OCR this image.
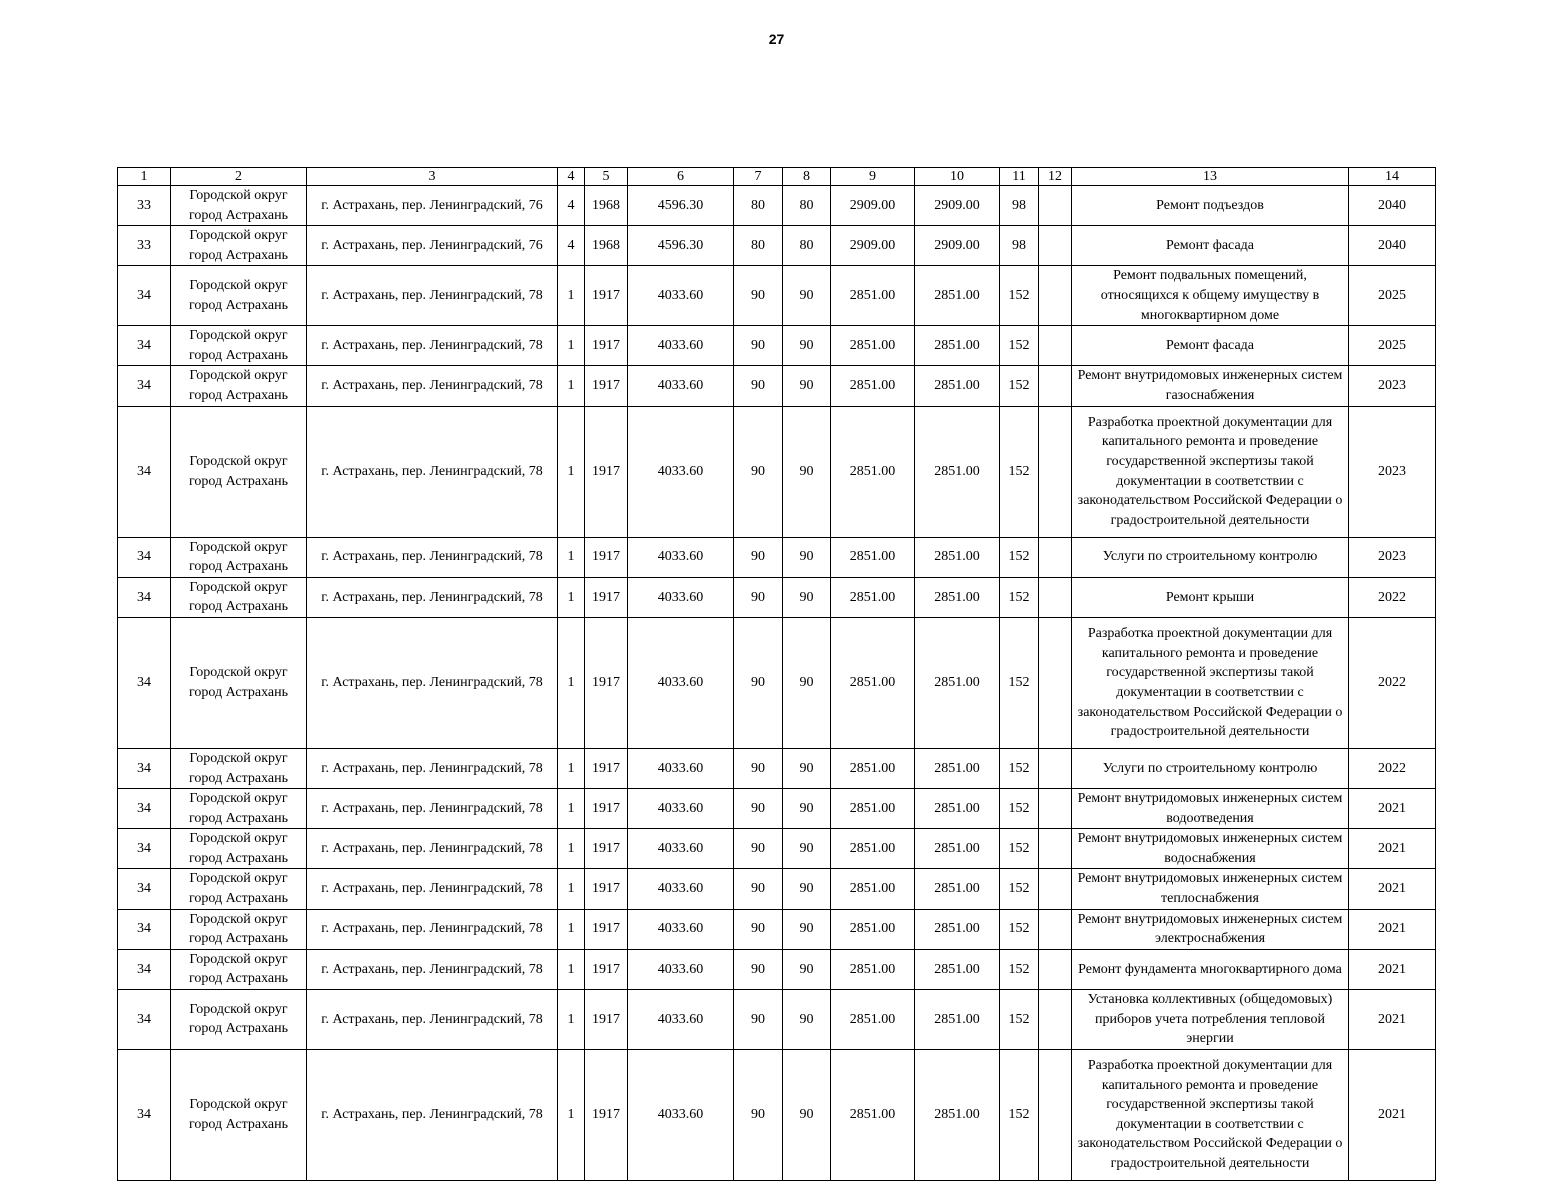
27
1	2	3	4	5	6	7	8	9	10	11	12	13	14
33	Городской округ город Астрахань	г. Астрахань, пер. Ленинградский, 76	4	1968	4596.30	80	80	2909.00	2909.00	98		Ремонт подъездов	2040
33	Городской округ город Астрахань	г. Астрахань, пер. Ленинградский, 76	4	1968	4596.30	80	80	2909.00	2909.00	98		Ремонт фасада	2040
34	Городской округ город Астрахань	г. Астрахань, пер. Ленинградский, 78	1	1917	4033.60	90	90	2851.00	2851.00	152		Ремонт подвальных помещений, относящихся к общему имуществу в многоквартирном доме	2025
34	Городской округ город Астрахань	г. Астрахань, пер. Ленинградский, 78	1	1917	4033.60	90	90	2851.00	2851.00	152		Ремонт фасада	2025
34	Городской округ город Астрахань	г. Астрахань, пер. Ленинградский, 78	1	1917	4033.60	90	90	2851.00	2851.00	152		Ремонт внутридомовых инженерных систем газоснабжения	2023
34	Городской округ город Астрахань	г. Астрахань, пер. Ленинградский, 78	1	1917	4033.60	90	90	2851.00	2851.00	152		Разработка проектной документации для капитального ремонта и проведение государственной экспертизы такой документации в соответствии с законодательством Российской Федерации о градостроительной деятельности	2023
34	Городской округ город Астрахань	г. Астрахань, пер. Ленинградский, 78	1	1917	4033.60	90	90	2851.00	2851.00	152		Услуги по строительному контролю	2023
34	Городской округ город Астрахань	г. Астрахань, пер. Ленинградский, 78	1	1917	4033.60	90	90	2851.00	2851.00	152		Ремонт крыши	2022
34	Городской округ город Астрахань	г. Астрахань, пер. Ленинградский, 78	1	1917	4033.60	90	90	2851.00	2851.00	152		Разработка проектной документации для капитального ремонта и проведение государственной экспертизы такой документации в соответствии с законодательством Российской Федерации о градостроительной деятельности	2022
34	Городской округ город Астрахань	г. Астрахань, пер. Ленинградский, 78	1	1917	4033.60	90	90	2851.00	2851.00	152		Услуги по строительному контролю	2022
34	Городской округ город Астрахань	г. Астрахань, пер. Ленинградский, 78	1	1917	4033.60	90	90	2851.00	2851.00	152		Ремонт внутридомовых инженерных систем водоотведения	2021
34	Городской округ город Астрахань	г. Астрахань, пер. Ленинградский, 78	1	1917	4033.60	90	90	2851.00	2851.00	152		Ремонт внутридомовых инженерных систем водоснабжения	2021
34	Городской округ город Астрахань	г. Астрахань, пер. Ленинградский, 78	1	1917	4033.60	90	90	2851.00	2851.00	152		Ремонт внутридомовых инженерных систем теплоснабжения	2021
34	Городской округ город Астрахань	г. Астрахань, пер. Ленинградский, 78	1	1917	4033.60	90	90	2851.00	2851.00	152		Ремонт внутридомовых инженерных систем электроснабжения	2021
34	Городской округ город Астрахань	г. Астрахань, пер. Ленинградский, 78	1	1917	4033.60	90	90	2851.00	2851.00	152		Ремонт фундамента многоквартирного дома	2021
34	Городской округ город Астрахань	г. Астрахань, пер. Ленинградский, 78	1	1917	4033.60	90	90	2851.00	2851.00	152		Установка коллективных (общедомовых) приборов учета потребления тепловой энергии	2021
34	Городской округ город Астрахань	г. Астрахань, пер. Ленинградский, 78	1	1917	4033.60	90	90	2851.00	2851.00	152		Разработка проектной документации для капитального ремонта и проведение государственной экспертизы такой документации в соответствии с законодательством Российской Федерации о градостроительной деятельности	2021
